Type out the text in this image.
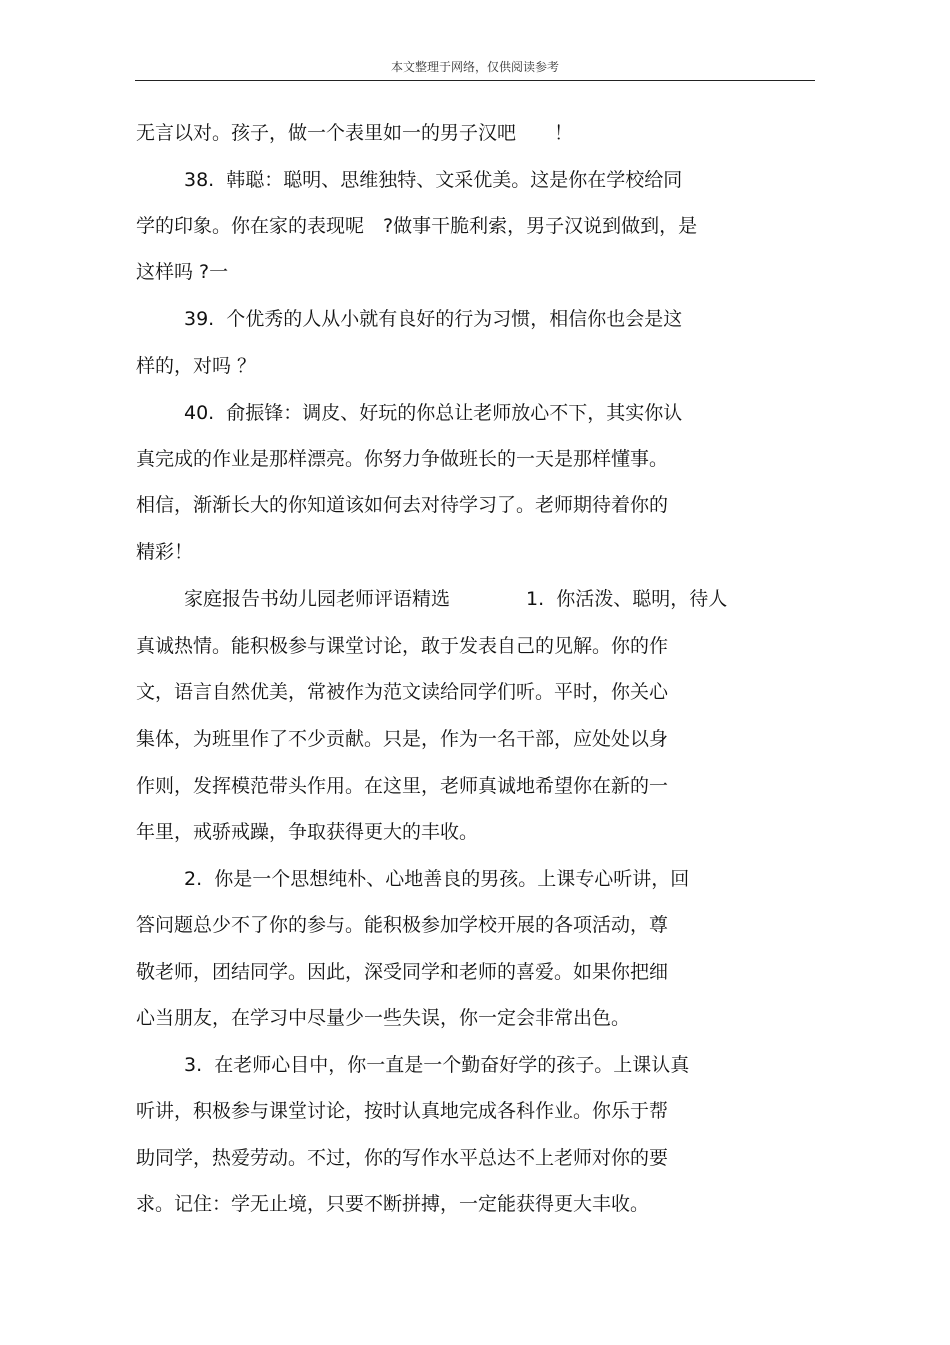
本文整理于网络，仅供阅读参考
无言以对。孩子，做一个表里如一的男子汉吧　　！
38.  韩聪：聪明、思维独特、文采优美。这是你在学校给同
学的印象。你在家的表现呢　?做事干脆利索，男子汉说到做到，是
这样吗 ?一
39.  个优秀的人从小就有良好的行为习惯，相信你也会是这
样的，对吗 ？
40.  俞振锋：调皮、好玩的你总让老师放心不下，其实你认
真完成的作业是那样漂亮。你努力争做班长的一天是那样懂事。
相信，渐渐长大的你知道该如何去对待学习了。老师期待着你的
精彩！
家庭报告书幼儿园老师评语精选　　　　1.  你活泼、聪明，待人
真诚热情。能积极参与课堂讨论，敢于发表自己的见解。你的作
文，语言自然优美，常被作为范文读给同学们听。平时，你关心
集体，为班里作了不少贡献。只是，作为一名干部，应处处以身
作则，发挥模范带头作用。在这里，老师真诚地希望你在新的一
年里，戒骄戒躁，争取获得更大的丰收。
2.  你是一个思想纯朴、心地善良的男孩。上课专心听讲，回
答问题总少不了你的参与。能积极参加学校开展的各项活动，尊
敬老师，团结同学。因此，深受同学和老师的喜爱。如果你把细
心当朋友，在学习中尽量少一些失误，你一定会非常出色。
3.  在老师心目中，你一直是一个勤奋好学的孩子。上课认真
听讲，积极参与课堂讨论，按时认真地完成各科作业。你乐于帮
助同学，热爱劳动。不过，你的写作水平总达不上老师对你的要
求。记住：学无止境，只要不断拼搏，一定能获得更大丰收。
